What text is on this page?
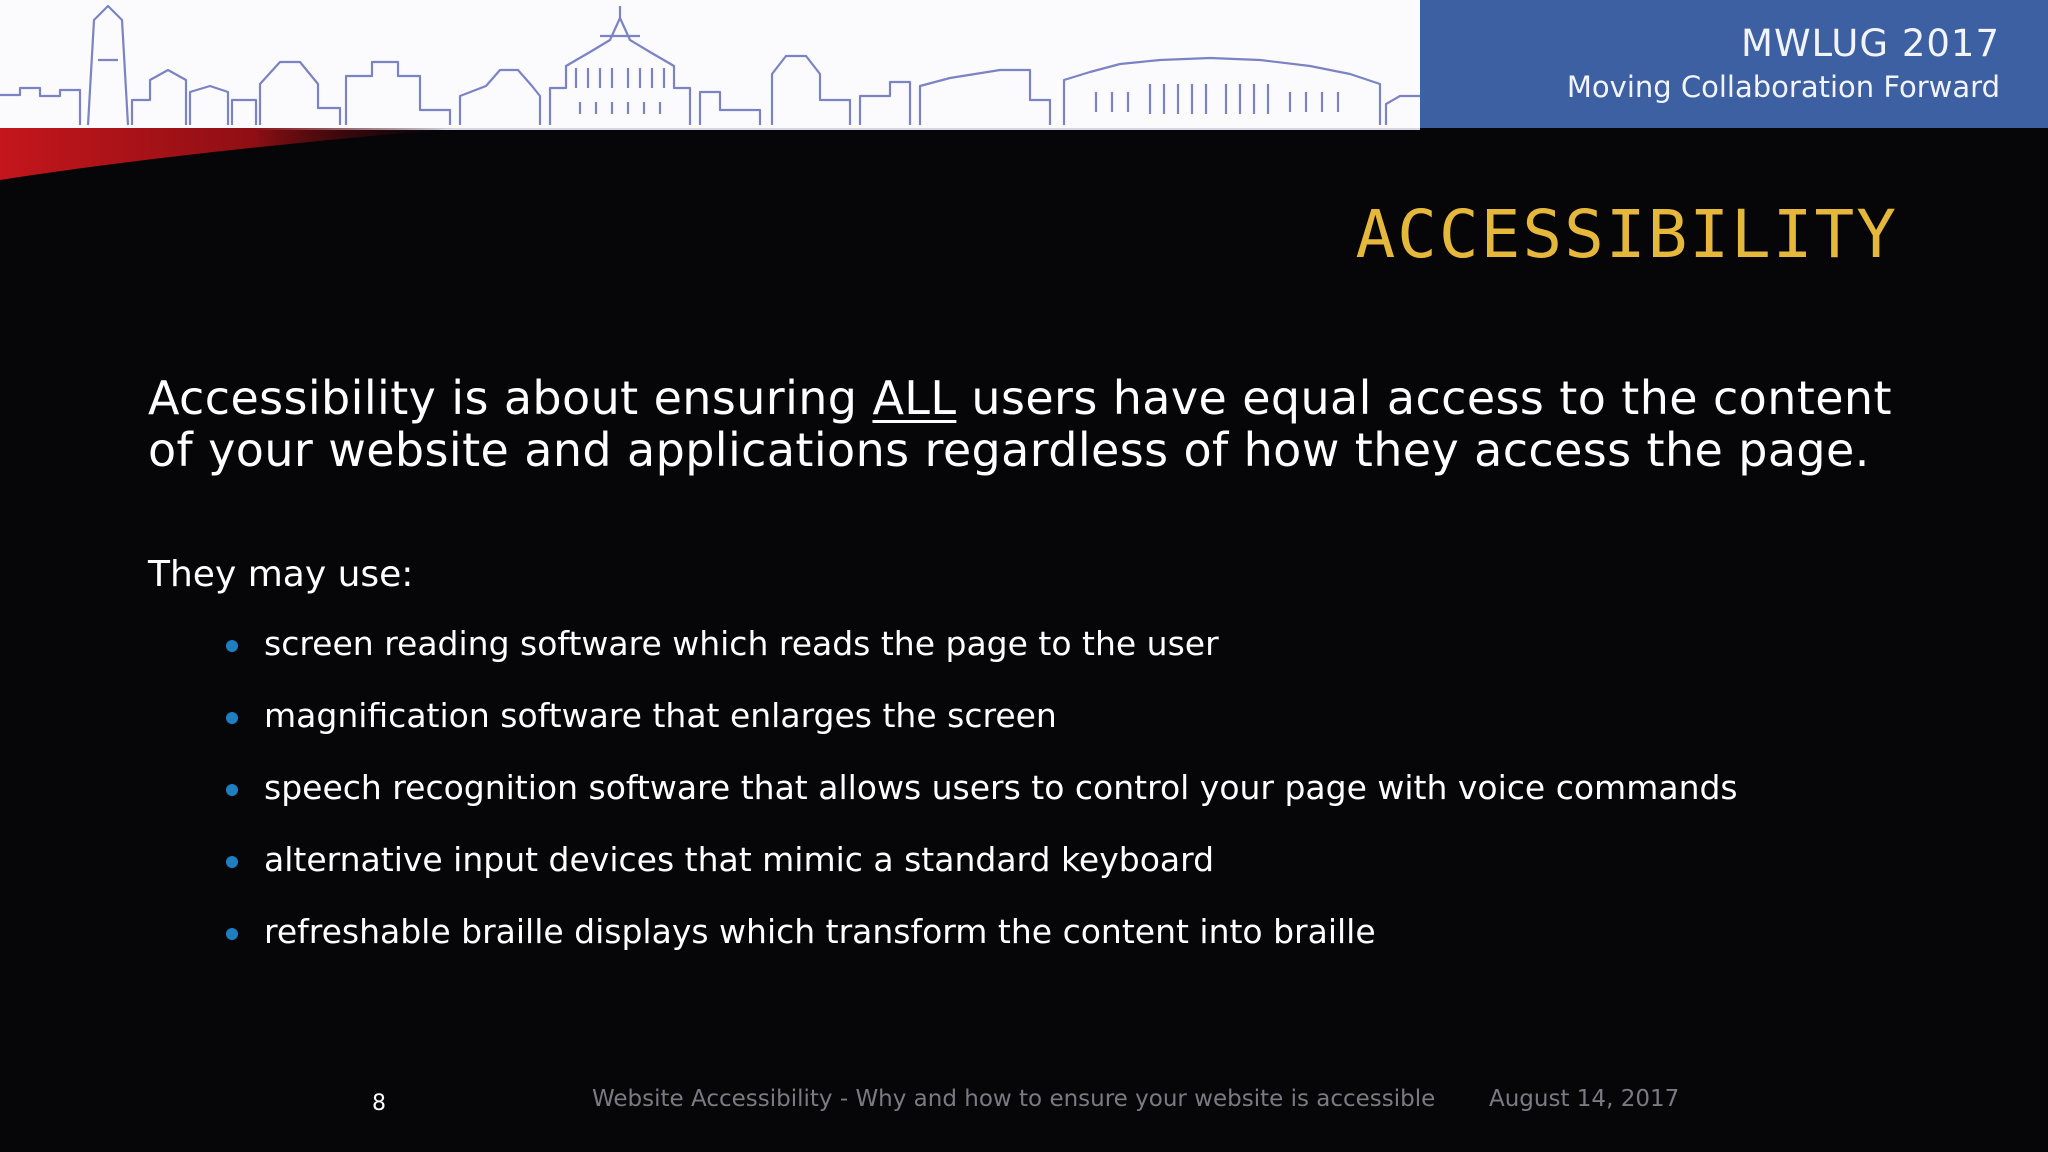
MWLUG 2017
Moving Collaboration Forward
ACCESSIBILITY
Accessibility is about ensuring ALL users have equal access to the content of your website and applications regardless of how they access the page.
They may use:
screen reading software which reads the page to the user
magnification software that enlarges the screen
speech recognition software that allows users to control your page with voice commands
alternative input devices that mimic a standard keyboard
refreshable braille displays which transform the content into braille
8	Website Accessibility - Why and how to ensure your website is accessible August 14, 2017
